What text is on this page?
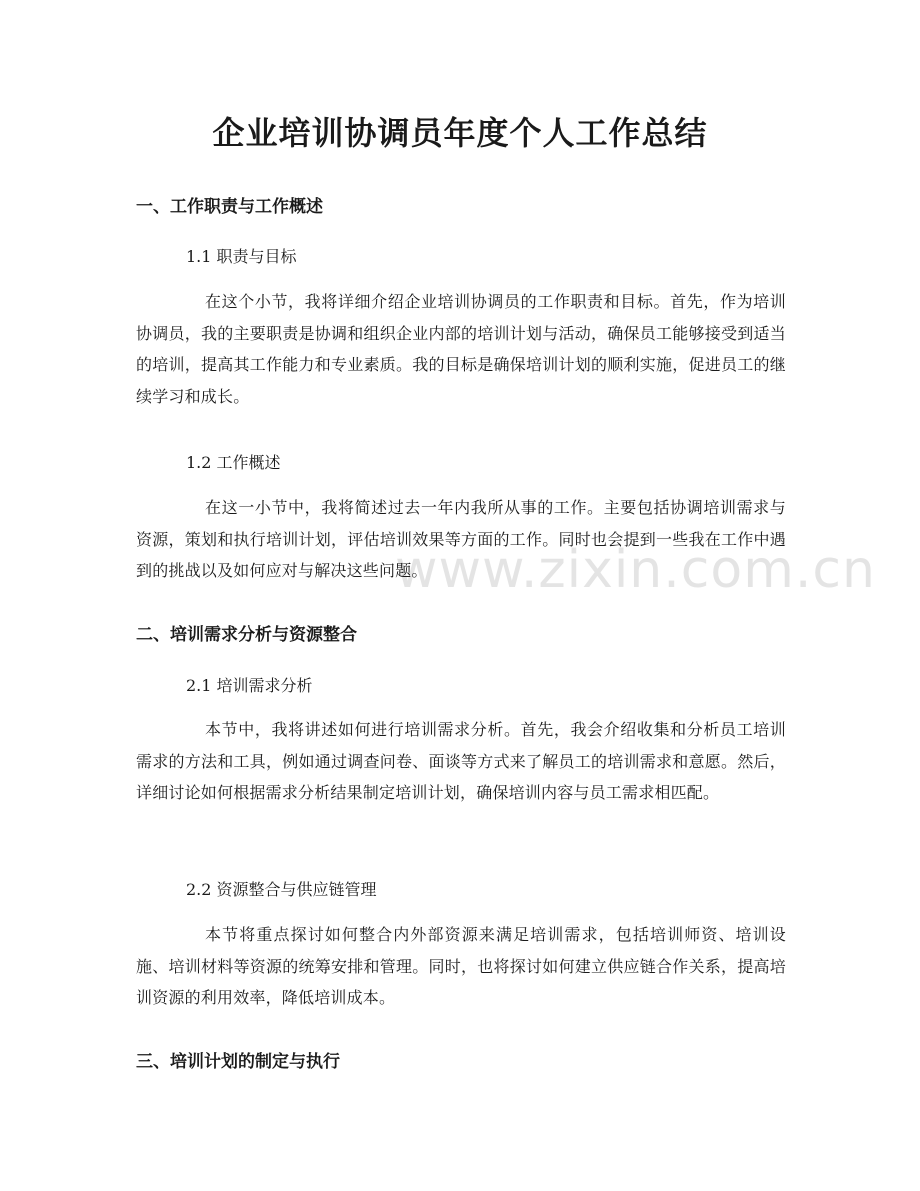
www.zixin.com.cn
企业培训协调员年度个人工作总结
一、工作职责与工作概述
1.1 职责与目标
在这个小节，我将详细介绍企业培训协调员的工作职责和目标。首先，作为培训协调员，我的主要职责是协调和组织企业内部的培训计划与活动，确保员工能够接受到适当的培训，提高其工作能力和专业素质。我的目标是确保培训计划的顺利实施，促进员工的继续学习和成长。
1.2 工作概述
在这一小节中，我将简述过去一年内我所从事的工作。主要包括协调培训需求与资源，策划和执行培训计划，评估培训效果等方面的工作。同时也会提到一些我在工作中遇到的挑战以及如何应对与解决这些问题。
二、培训需求分析与资源整合
2.1 培训需求分析
本节中，我将讲述如何进行培训需求分析。首先，我会介绍收集和分析员工培训需求的方法和工具，例如通过调查问卷、面谈等方式来了解员工的培训需求和意愿。然后，详细讨论如何根据需求分析结果制定培训计划，确保培训内容与员工需求相匹配。
2.2 资源整合与供应链管理
本节将重点探讨如何整合内外部资源来满足培训需求，包括培训师资、培训设施、培训材料等资源的统筹安排和管理。同时，也将探讨如何建立供应链合作关系，提高培训资源的利用效率，降低培训成本。
三、培训计划的制定与执行
